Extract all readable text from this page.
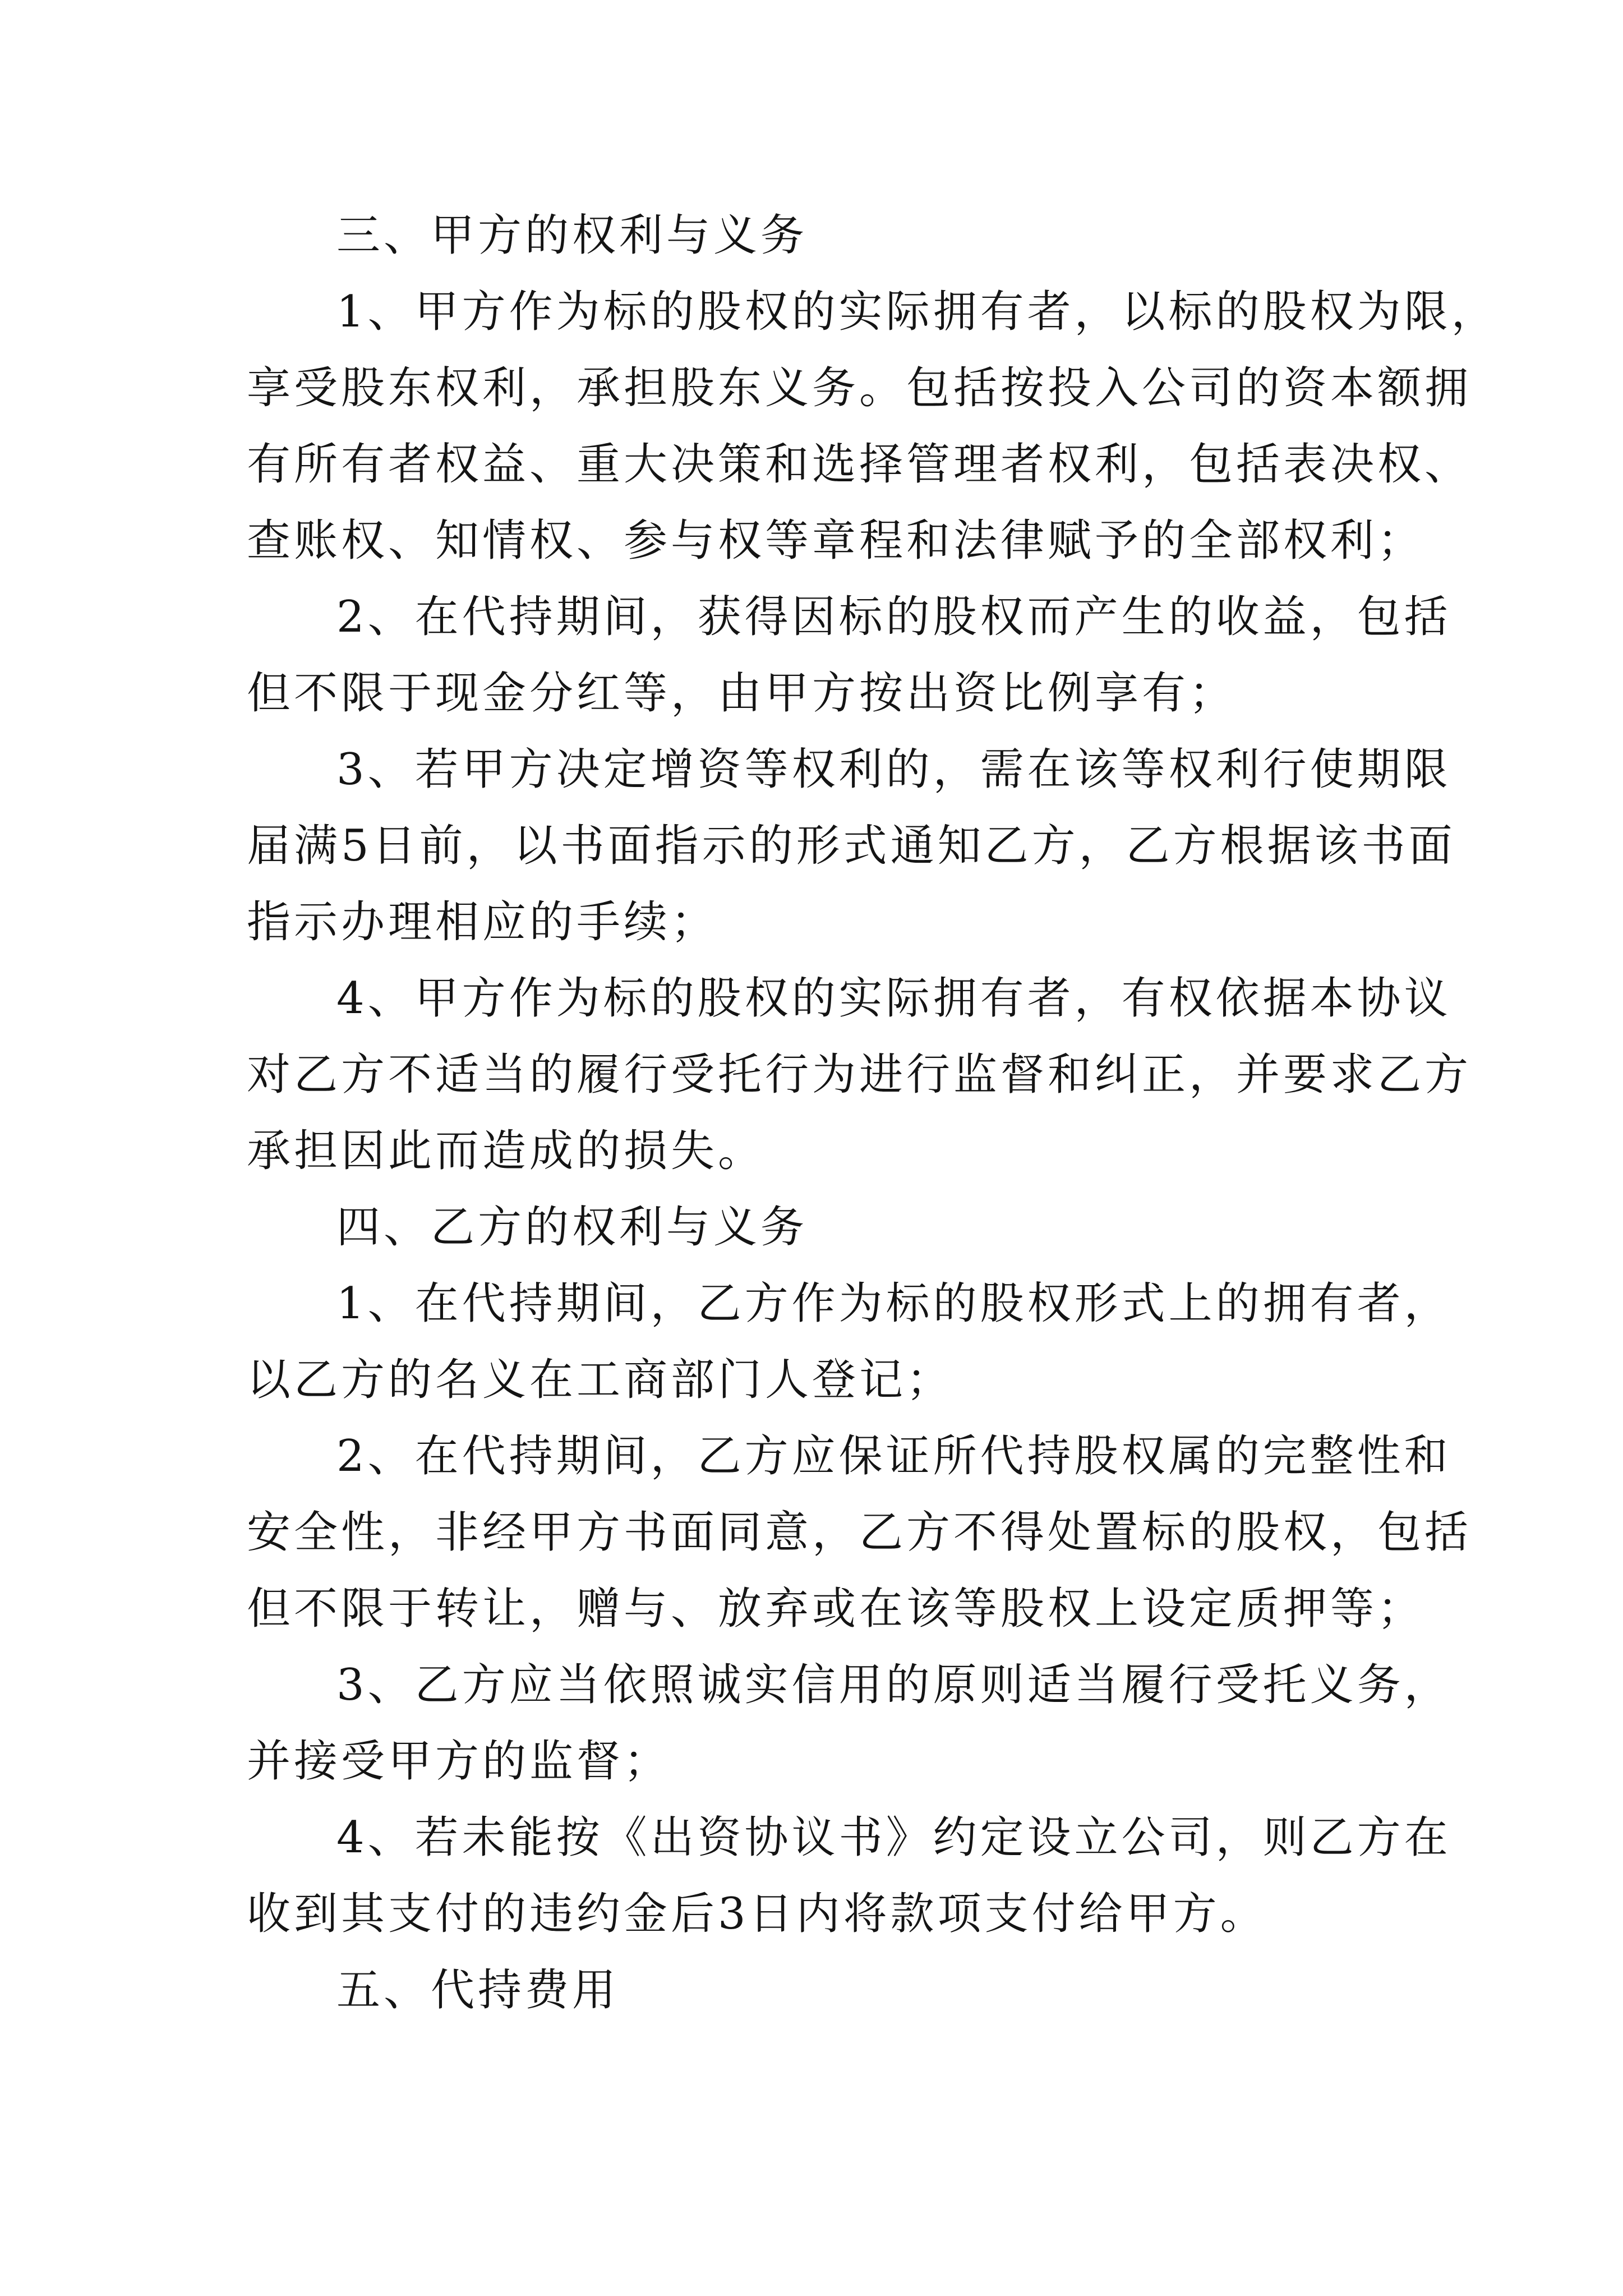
三、甲方的权利与义务
1、甲方作为标的股权的实际拥有者，以标的股权为限，
享受股东权利，承担股东义务。包括按投入公司的资本额拥
有所有者权益、重大决策和选择管理者权利，包括表决权、
查账权、知情权、参与权等章程和法律赋予的全部权利；
2、在代持期间，获得因标的股权而产生的收益，包括
但不限于现金分红等，由甲方按出资比例享有；
3、若甲方决定增资等权利的，需在该等权利行使期限
届满5日前，以书面指示的形式通知乙方，乙方根据该书面
指示办理相应的手续；
4、甲方作为标的股权的实际拥有者，有权依据本协议
对乙方不适当的履行受托行为进行监督和纠正，并要求乙方
承担因此而造成的损失。
四、乙方的权利与义务
1、在代持期间，乙方作为标的股权形式上的拥有者，
以乙方的名义在工商部门人登记；
2、在代持期间，乙方应保证所代持股权属的完整性和
安全性，非经甲方书面同意，乙方不得处置标的股权，包括
但不限于转让，赠与、放弃或在该等股权上设定质押等；
3、乙方应当依照诚实信用的原则适当履行受托义务，
并接受甲方的监督；
4、若未能按《出资协议书》约定设立公司，则乙方在
收到其支付的违约金后3日内将款项支付给甲方。
五、代持费用
